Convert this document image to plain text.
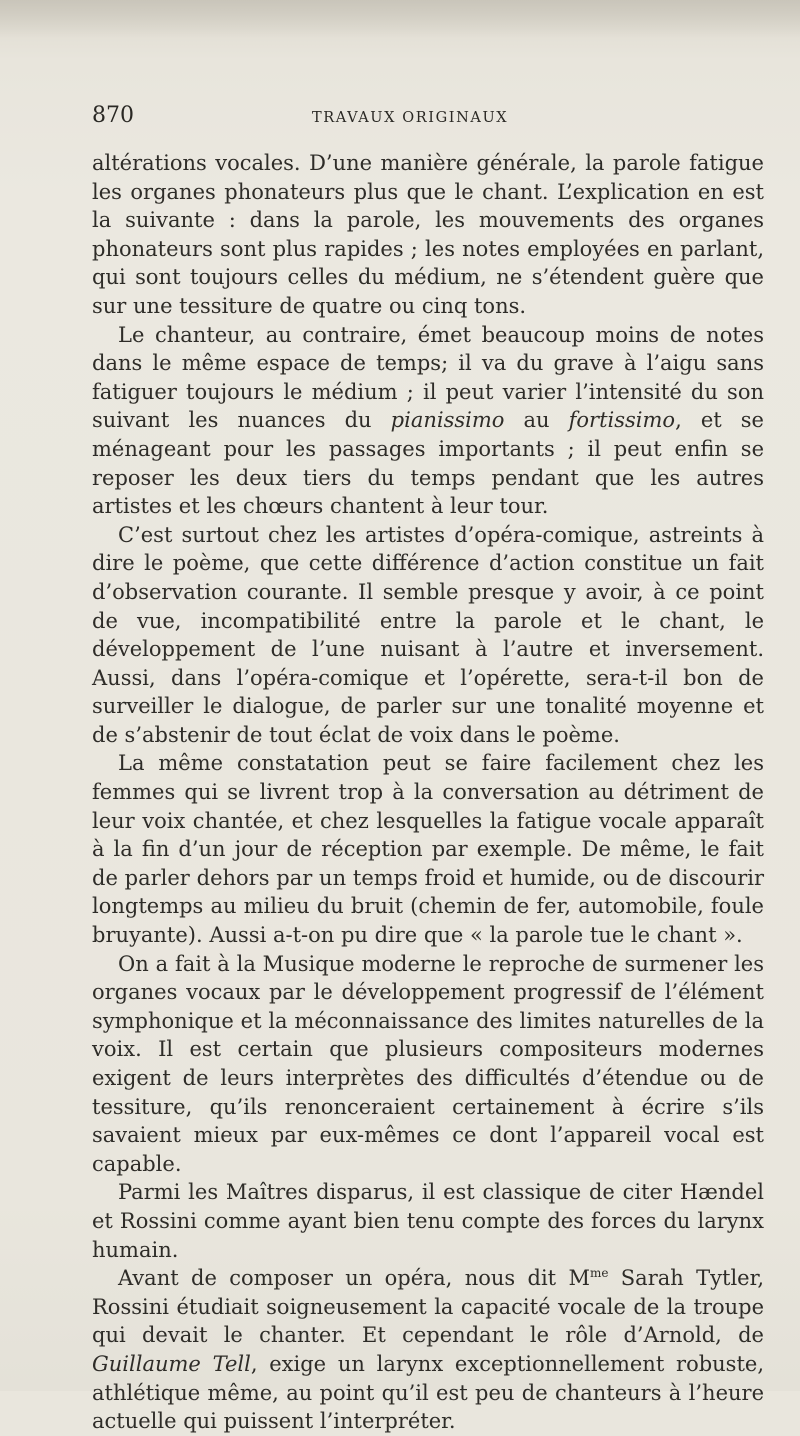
870	TRAVAUX ORIGINAUX

altérations vocales. D’une manière générale, la parole fatigue les organes phonateurs plus que le chant. L’explication en est la suivante : dans la parole, les mouvements des organes phonateurs sont plus rapides ; les notes employées en parlant, qui sont toujours celles du médium, ne s’étendent guère que sur une tessiture de quatre ou cinq tons.

Le chanteur, au contraire, émet beaucoup moins de notes dans le même espace de temps; il va du grave à l’aigu sans fatiguer toujours le médium ; il peut varier l’intensité du son suivant les nuances du pianissimo au fortissimo, et se ménageant pour les passages importants ; il peut enfin se reposer les deux tiers du temps pendant que les autres artistes et les chœurs chantent à leur tour.

C’est surtout chez les artistes d’opéra-comique, astreints à dire le poème, que cette différence d’action constitue un fait d’observation courante. Il semble presque y avoir, à ce point de vue, incompatibilité entre la parole et le chant, le développement de l’une nuisant à l’autre et inversement. Aussi, dans l’opéra-comique et l’opérette, sera-t-il bon de surveiller le dialogue, de parler sur une tonalité moyenne et de s’abstenir de tout éclat de voix dans le poème.

La même constatation peut se faire facilement chez les femmes qui se livrent trop à la conversation au détriment de leur voix chantée, et chez lesquelles la fatigue vocale apparaît à la fin d’un jour de réception par exemple. De même, le fait de parler dehors par un temps froid et humide, ou de discourir longtemps au milieu du bruit (chemin de fer, automobile, foule bruyante). Aussi a-t-on pu dire que « la parole tue le chant ».

On a fait à la Musique moderne le reproche de surmener les organes vocaux par le développement progressif de l’élément symphonique et la méconnaissance des limites naturelles de la voix. Il est certain que plusieurs compositeurs modernes exigent de leurs interprètes des difficultés d’étendue ou de tessiture, qu’ils renonceraient certainement à écrire s’ils savaient mieux par eux-mêmes ce dont l’appareil vocal est capable.

Parmi les Maîtres disparus, il est classique de citer Hændel et Rossini comme ayant bien tenu compte des forces du larynx humain.

Avant de composer un opéra, nous dit $M^{me}$ Sarah Tytler, Rossini étudiait soigneusement la capacité vocale de la troupe qui devait le chanter. Et cependant le rôle d’Arnold, de Guillaume Tell, exige un larynx exceptionnellement robuste, athlétique même, au point qu’il est peu de chanteurs à l’heure actuelle qui puissent l’interpréter.
